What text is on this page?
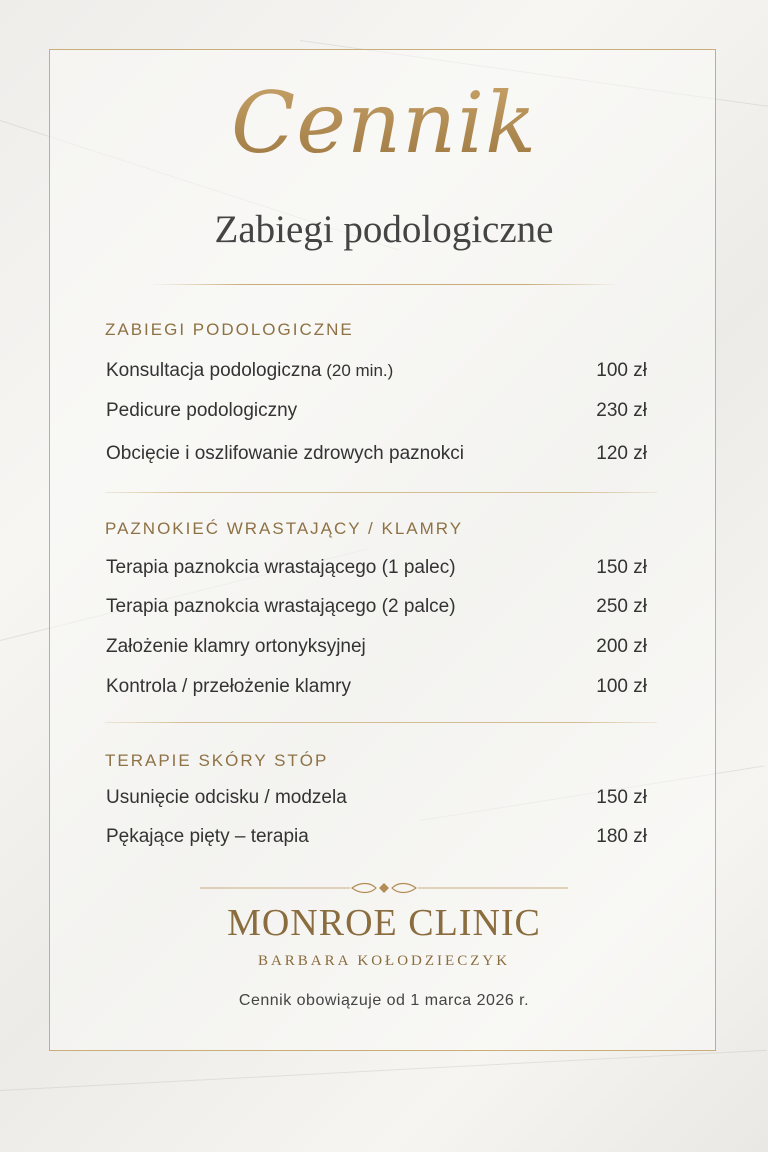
Cennik
Zabiegi podologiczne
ZABIEGI PODOLOGICZNE
Konsultacja podologiczna (20 min.)	100 zł
Pedicure podologiczny	230 zł
Obcięcie i oszlifowanie zdrowych paznokci	120 zł
PAZNOKIEĆ WRASTAJĄCY / KLAMRY
Terapia paznokcia wrastającego (1 palec)	150 zł
Terapia paznokcia wrastającego (2 palce)	250 zł
Założenie klamry ortonyksyjnej	200 zł
Kontrola / przełożenie klamry	100 zł
TERAPIE SKÓRY STÓP
Usunięcie odcisku / modzela	150 zł
Pękające pięty – terapia	180 zł
MONROE CLINIC
BARBARA KOŁODZIECZYK
Cennik obowiązuje od 1 marca 2026 r.
